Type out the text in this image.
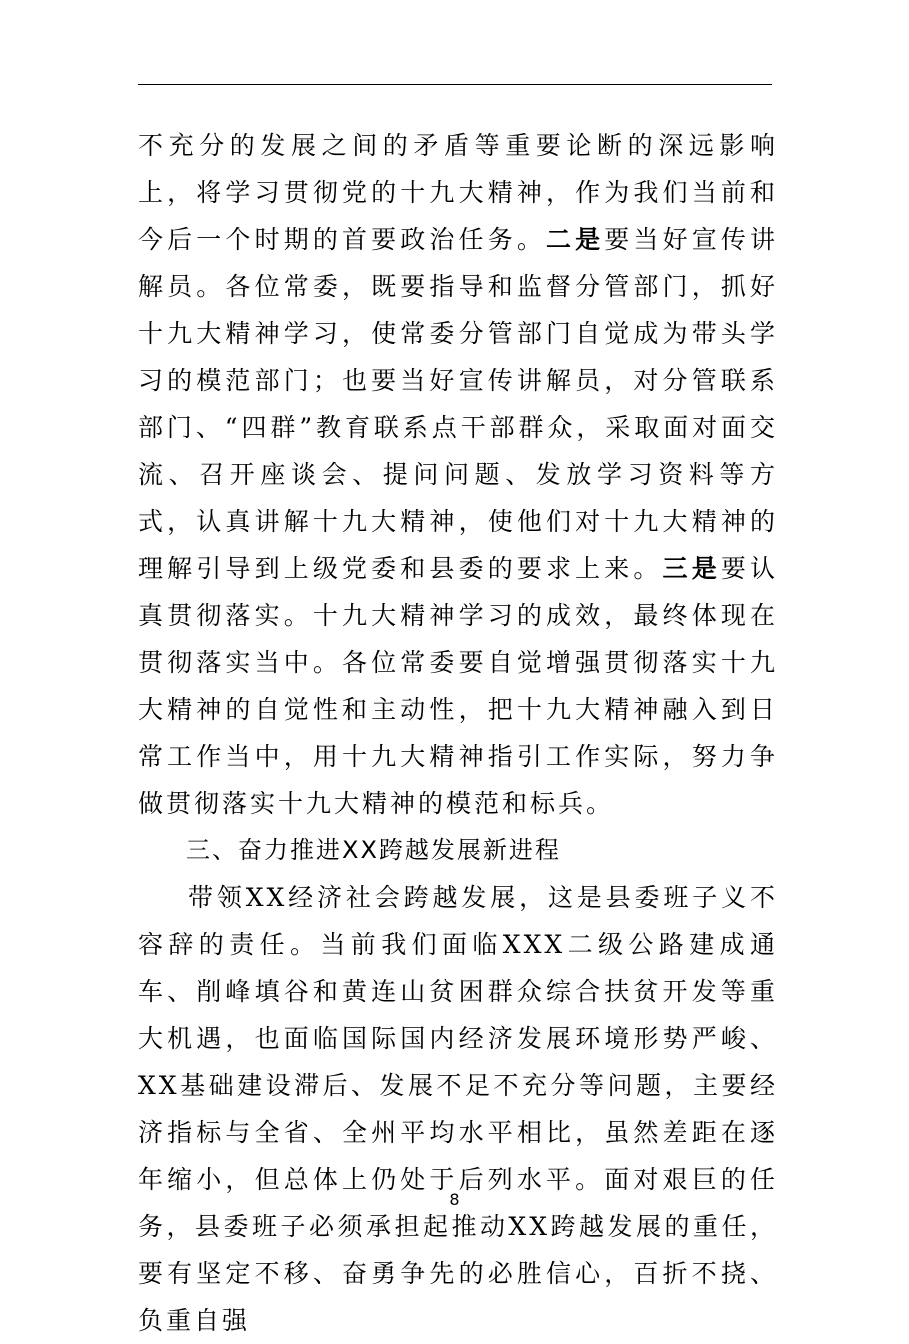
不充分的发展之间的矛盾等重要论断的深远影响上，将学习贯彻党的十九大精神，作为我们当前和今后一个时期的首要政治任务。二是要当好宣传讲解员。各位常委，既要指导和监督分管部门，抓好十九大精神学习，使常委分管部门自觉成为带头学习的模范部门；也要当好宣传讲解员，对分管联系部门、“四群”教育联系点干部群众，采取面对面交流、召开座谈会、提问问题、发放学习资料等方式，认真讲解十九大精神，使他们对十九大精神的理解引导到上级党委和县委的要求上来。三是要认真贯彻落实。十九大精神学习的成效，最终体现在贯彻落实当中。各位常委要自觉增强贯彻落实十九大精神的自觉性和主动性，把十九大精神融入到日常工作当中，用十九大精神指引工作实际，努力争做贯彻落实十九大精神的模范和标兵。

三、奋力推进XX跨越发展新进程

带领XX经济社会跨越发展，这是县委班子义不容辞的责任。当前我们面临XXX二级公路建成通车、削峰填谷和黄连山贫困群众综合扶贫开发等重大机遇，也面临国际国内经济发展环境形势严峻、XX基础建设滞后、发展不足不充分等问题，主要经济指标与全省、全州平均水平相比，虽然差距在逐年缩小，但总体上仍处于后列水平。面对艰巨的任务，县委班子必须承担起推动XX跨越发展的重任，要有坚定不移、奋勇争先的必胜信心，百折不挠、负重自强

8
